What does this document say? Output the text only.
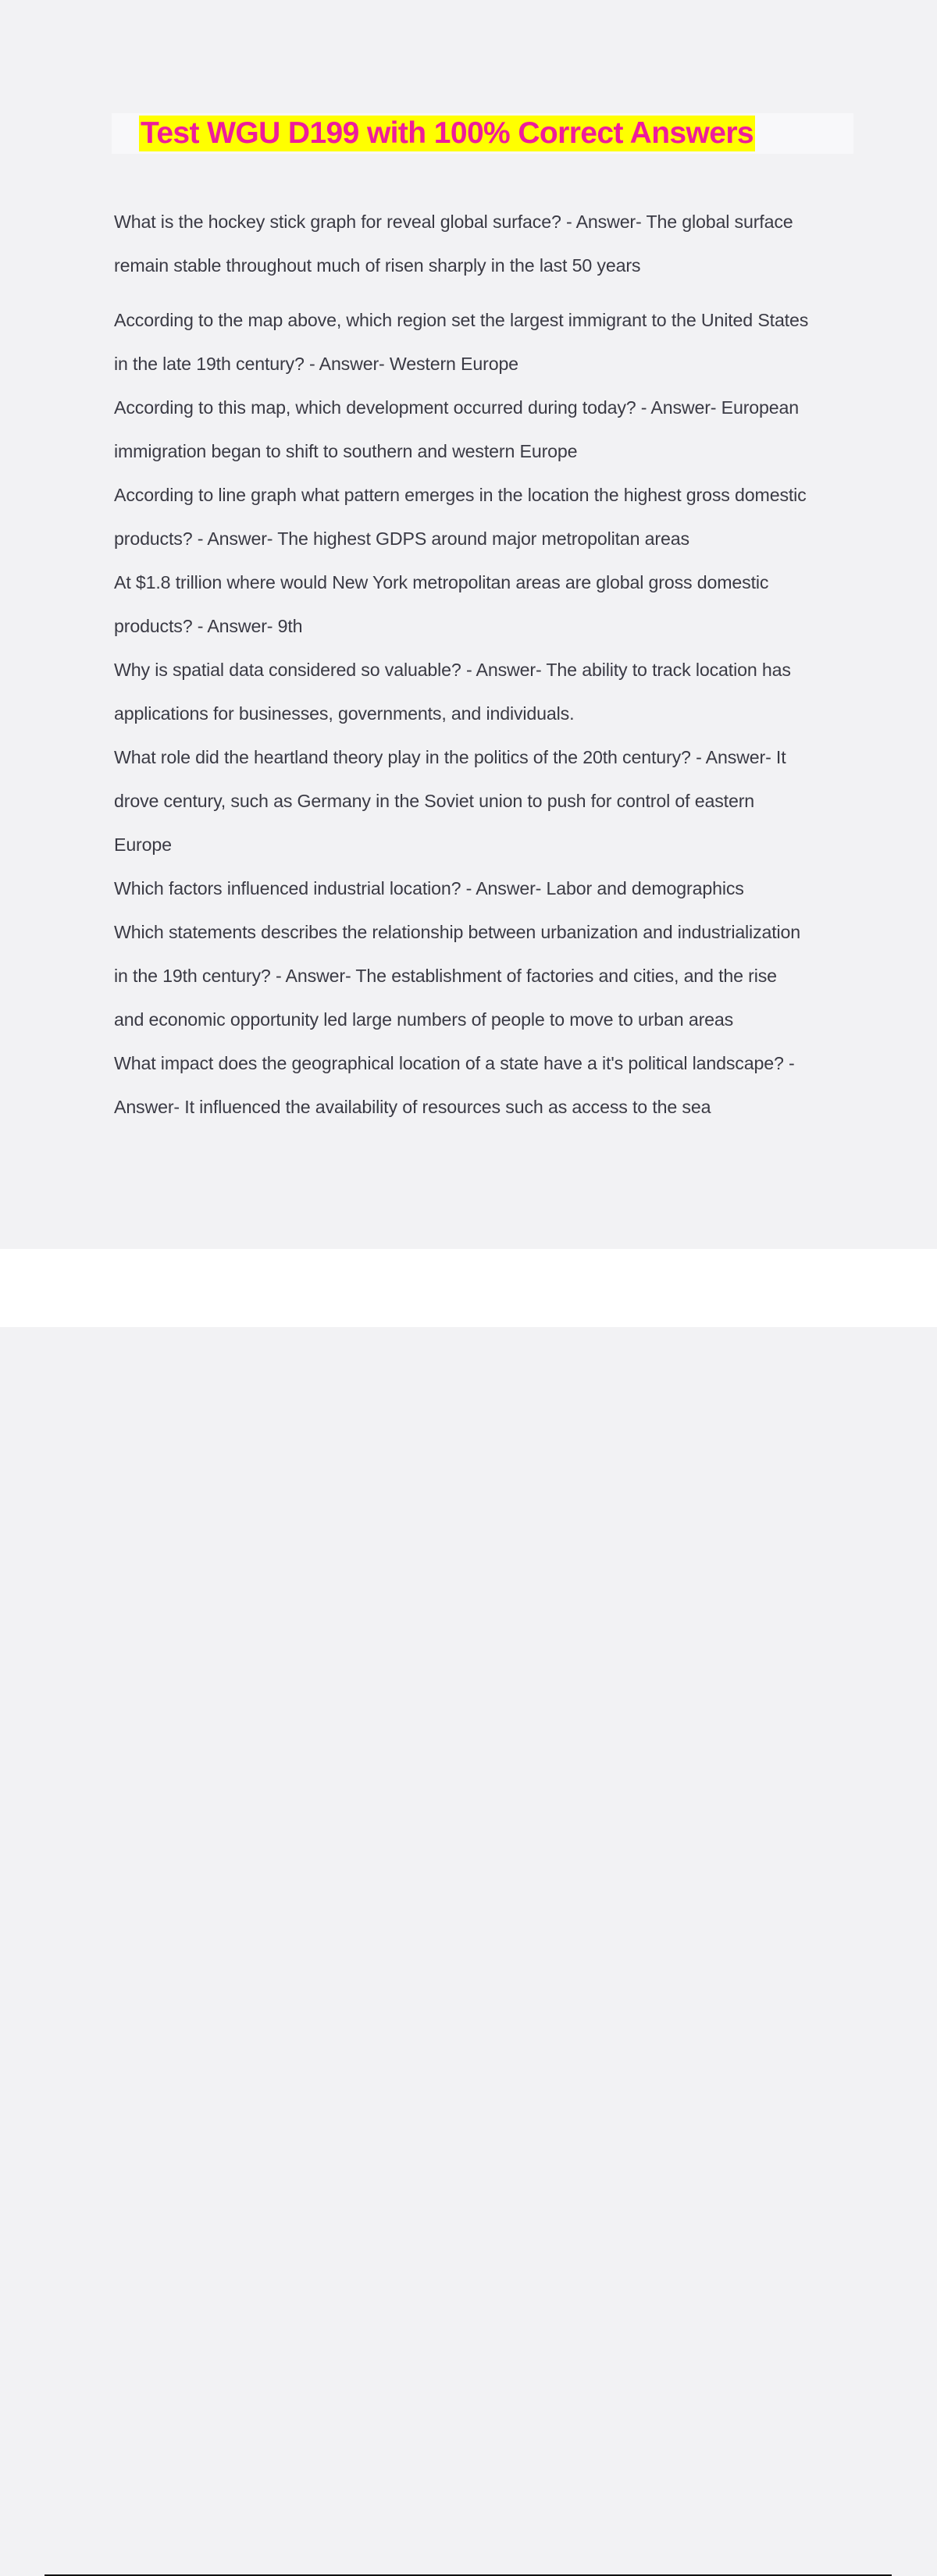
Test WGU D199 with 100% Correct Answers
What is the hockey stick graph for reveal global surface? - Answer- The global surface
remain stable throughout much of risen sharply in the last 50 years
According to the map above, which region set the largest immigrant to the United States
in the late 19th century? - Answer- Western Europe
According to this map, which development occurred during today? - Answer- European
immigration began to shift to southern and western Europe
According to line graph what pattern emerges in the location the highest gross domestic
products? - Answer- The highest GDPS around major metropolitan areas
At $1.8 trillion where would New York metropolitan areas are global gross domestic
products? - Answer- 9th
Why is spatial data considered so valuable? - Answer- The ability to track location has
applications for businesses, governments, and individuals.
What role did the heartland theory play in the politics of the 20th century? - Answer- It
drove century, such as Germany in the Soviet union to push for control of eastern
Europe
Which factors influenced industrial location? - Answer- Labor and demographics
Which statements describes the relationship between urbanization and industrialization
in the 19th century? - Answer- The establishment of factories and cities, and the rise
and economic opportunity led large numbers of people to move to urban areas
What impact does the geographical location of a state have a it's political landscape? -
Answer- It influenced the availability of resources such as access to the sea
